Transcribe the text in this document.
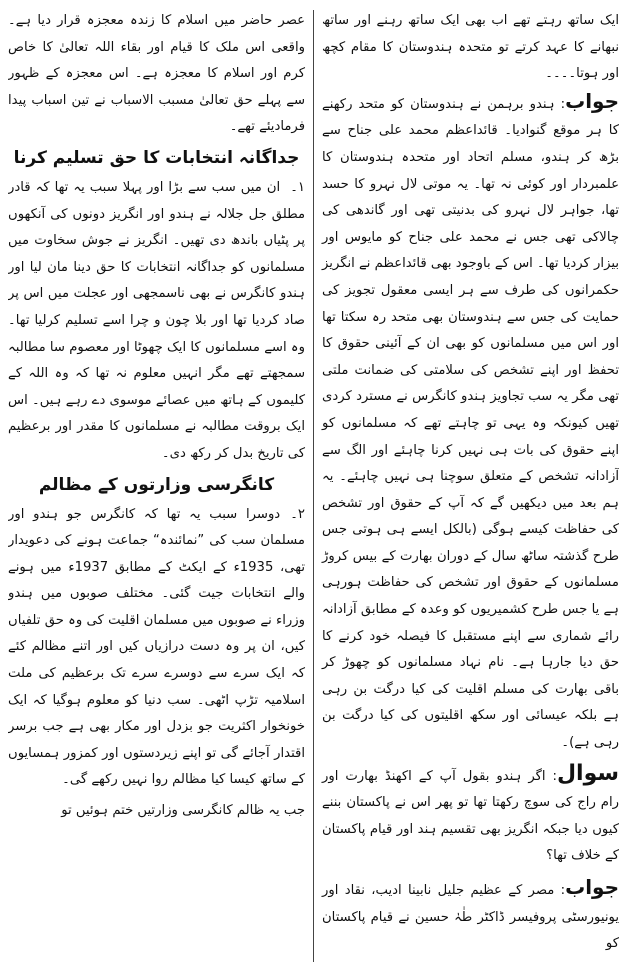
ایک ساتھ رہتے تھے اب بھی ایک ساتھ رہنے اور ساتھ نبھانے کا عہد کرتے تو متحدہ ہندوستان کا مقام کچھ اور ہوتا۔۔۔۔

جواب: ہندو برہمن نے ہندوستان کو متحد رکھنے کا ہر موقع گنوادیا۔ قائداعظم محمد علی جناح سے بڑھ کر ہندو، مسلم اتحاد اور متحدہ ہندوستان کا علمبردار اور کوئی نہ تھا۔ یہ موتی لال نہرو کا حسد تھا، جواہر لال نہرو کی بدنیتی تھی اور گاندھی کی چالاکی تھی جس نے محمد علی جناح کو مایوس اور بیزار کردیا تھا۔ اس کے باوجود بھی قائداعظم نے انگریز حکمرانوں کی طرف سے ہر ایسی معقول تجویز کی حمایت کی جس سے ہندوستان بھی متحد رہ سکتا تھا اور اس میں مسلمانوں کو بھی ان کے آئینی حقوق کا تحفظ اور اپنے تشخص کی سلامتی کی ضمانت ملتی تھی مگر یہ سب تجاویز ہندو کانگرس نے مسترد کردی تھیں کیونکہ وہ یہی تو چاہتے تھے کہ مسلمانوں کو اپنے حقوق کی بات ہی نہیں کرنا چاہئے اور الگ سے آزادانہ تشخص کے متعلق سوچنا ہی نہیں چاہئے۔ یہ ہم بعد میں دیکھیں گے کہ آپ کے حقوق اور تشخص کی حفاظت کیسے ہوگی (بالکل ایسے ہی ہوتی جس طرح گذشتہ ساٹھ سال کے دوران بھارت کے بیس کروڑ مسلمانوں کے حقوق اور تشخص کی حفاظت ہورہی ہے یا جس طرح کشمیریوں کو وعدہ کے مطابق آزادانہ رائے شماری سے اپنے مستقبل کا فیصلہ خود کرنے کا حق دیا جارہا ہے۔ نام نہاد مسلمانوں کو چھوڑ کر باقی بھارت کی مسلم اقلیت کی کیا درگت بن رہی ہے بلکہ عیسائی اور سکھ اقلیتوں کی کیا درگت بن رہی ہے)۔

سوال: اگر ہندو بقول آپ کے اکھنڈ بھارت اور رام راج کی سوچ رکھتا تھا تو پھر اس نے پاکستان بننے کیوں دیا جبکہ انگریز بھی تقسیم ہند اور قیام پاکستان کے خلاف تھا؟

جواب: مصر کے عظیم جلیل نابینا ادیب، نقاد اور یونیورسٹی پروفیسر ڈاکٹر طٰہٰ حسین نے قیام پاکستان کو

عصر حاضر میں اسلام کا زندہ معجزہ قرار دیا ہے۔ واقعی اس ملک کا قیام اور بقاء اللہ تعالیٰ کا خاص کرم اور اسلام کا معجزہ ہے۔ اس معجزہ کے ظہور سے پہلے حق تعالیٰ مسبب الاسباب نے تین اسباب پیدا فرمادیئے تھے۔

جداگانہ انتخابات کا حق تسلیم کرنا

۱۔ان میں سب سے بڑا اور پہلا سبب یہ تھا کہ قادر مطلق جل جلالہ نے ہندو اور انگریز دونوں کی آنکھوں پر پٹیاں باندھ دی تھیں۔ انگریز نے جوش سخاوت میں مسلمانوں کو جداگانہ انتخابات کا حق دینا مان لیا اور ہندو کانگرس نے بھی ناسمجھی اور عجلت میں اس پر صاد کردیا تھا اور بلا چون و چرا اسے تسلیم کرلیا تھا۔ وہ اسے مسلمانوں کا ایک چھوٹا اور معصوم سا مطالبہ سمجھتے تھے مگر انہیں معلوم نہ تھا کہ وہ اللہ کے کلیموں کے ہاتھ میں عصائے موسوی دے رہے ہیں۔ اس ایک بروقت مطالبہ نے مسلمانوں کا مقدر اور برعظیم کی تاریخ بدل کر رکھ دی۔

کانگرسی وزارتوں کے مظالم

۲۔دوسرا سبب یہ تھا کہ کانگرس جو ہندو اور مسلمان سب کی ”نمائندہ“ جماعت ہونے کی دعویدار تھی، 1935ء کے ایکٹ کے مطابق 1937ء میں ہونے والے انتخابات جیت گئی۔ مختلف صوبوں میں ہندو وزراء نے صوبوں میں مسلمان اقلیت کی وہ حق تلفیاں کیں، ان پر وہ دست درازیاں کیں اور اتنے مظالم کئے کہ ایک سرے سے دوسرے سرے تک برعظیم کی ملت اسلامیہ تڑپ اٹھی۔ سب دنیا کو معلوم ہوگیا کہ ایک خونخوار اکثریت جو بزدل اور مکار بھی ہے جب برسر اقتدار آجائے گی تو اپنے زیردستوں اور کمزور ہمسایوں کے ساتھ کیسا کیا مظالم روا نہیں رکھے گی۔

جب یہ ظالم کانگرسی وزارتیں ختم ہوئیں تو
